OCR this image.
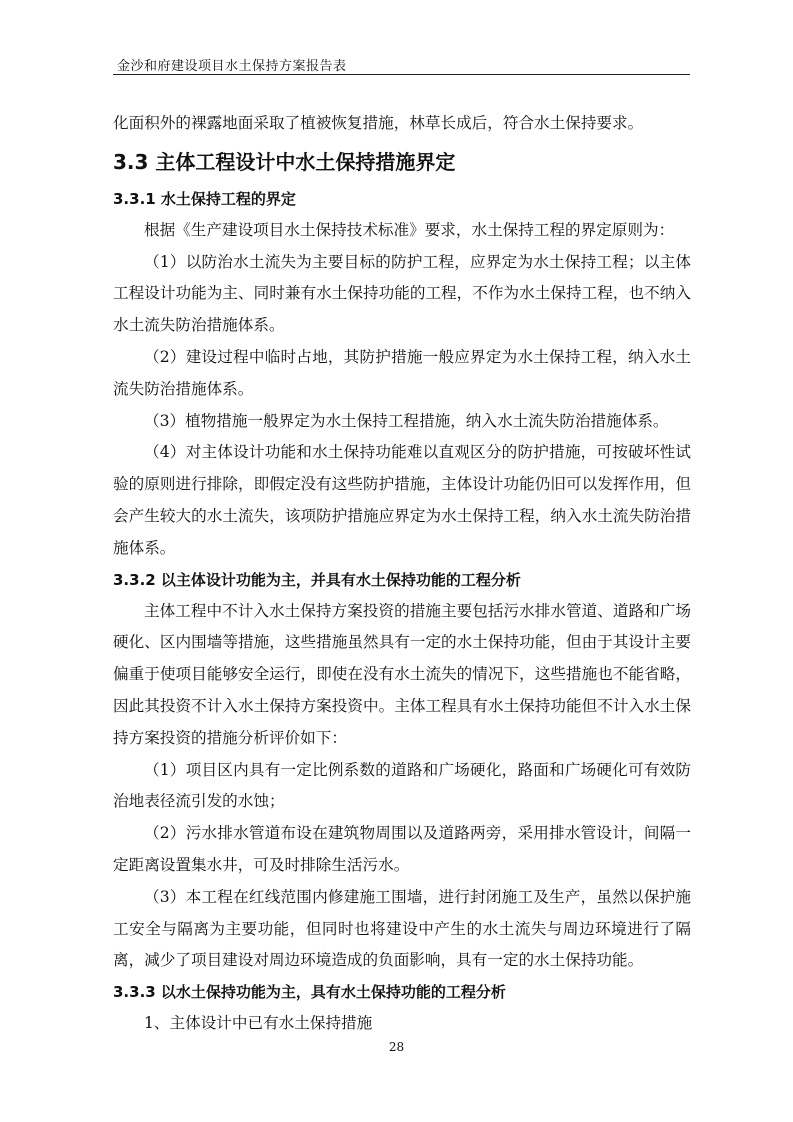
金沙和府建设项目水土保持方案报告表

化面积外的裸露地面采取了植被恢复措施，林草长成后，符合水土保持要求。

3.3 主体工程设计中水土保持措施界定
3.3.1 水土保持工程的界定

根据《生产建设项目水土保持技术标准》要求，水土保持工程的界定原则为：

（1）以防治水土流失为主要目标的防护工程，应界定为水土保持工程；以主体工程设计功能为主、同时兼有水土保持功能的工程，不作为水土保持工程，也不纳入水土流失防治措施体系。

（2）建设过程中临时占地，其防护措施一般应界定为水土保持工程，纳入水土流失防治措施体系。

（3）植物措施一般界定为水土保持工程措施，纳入水土流失防治措施体系。

（4）对主体设计功能和水土保持功能难以直观区分的防护措施，可按破坏性试验的原则进行排除，即假定没有这些防护措施，主体设计功能仍旧可以发挥作用，但会产生较大的水土流失，该项防护措施应界定为水土保持工程，纳入水土流失防治措施体系。

3.3.2 以主体设计功能为主，并具有水土保持功能的工程分析

主体工程中不计入水土保持方案投资的措施主要包括污水排水管道、道路和广场硬化、区内围墙等措施，这些措施虽然具有一定的水土保持功能，但由于其设计主要偏重于使项目能够安全运行，即使在没有水土流失的情况下，这些措施也不能省略，因此其投资不计入水土保持方案投资中。主体工程具有水土保持功能但不计入水土保持方案投资的措施分析评价如下：

（1）项目区内具有一定比例系数的道路和广场硬化，路面和广场硬化可有效防治地表径流引发的水蚀；

（2）污水排水管道布设在建筑物周围以及道路两旁，采用排水管设计，间隔一定距离设置集水井，可及时排除生活污水。

（3）本工程在红线范围内修建施工围墙，进行封闭施工及生产，虽然以保护施工安全与隔离为主要功能，但同时也将建设中产生的水土流失与周边环境进行了隔离，减少了项目建设对周边环境造成的负面影响，具有一定的水土保持功能。

3.3.3 以水土保持功能为主，具有水土保持功能的工程分析

1、主体设计中已有水土保持措施

28
